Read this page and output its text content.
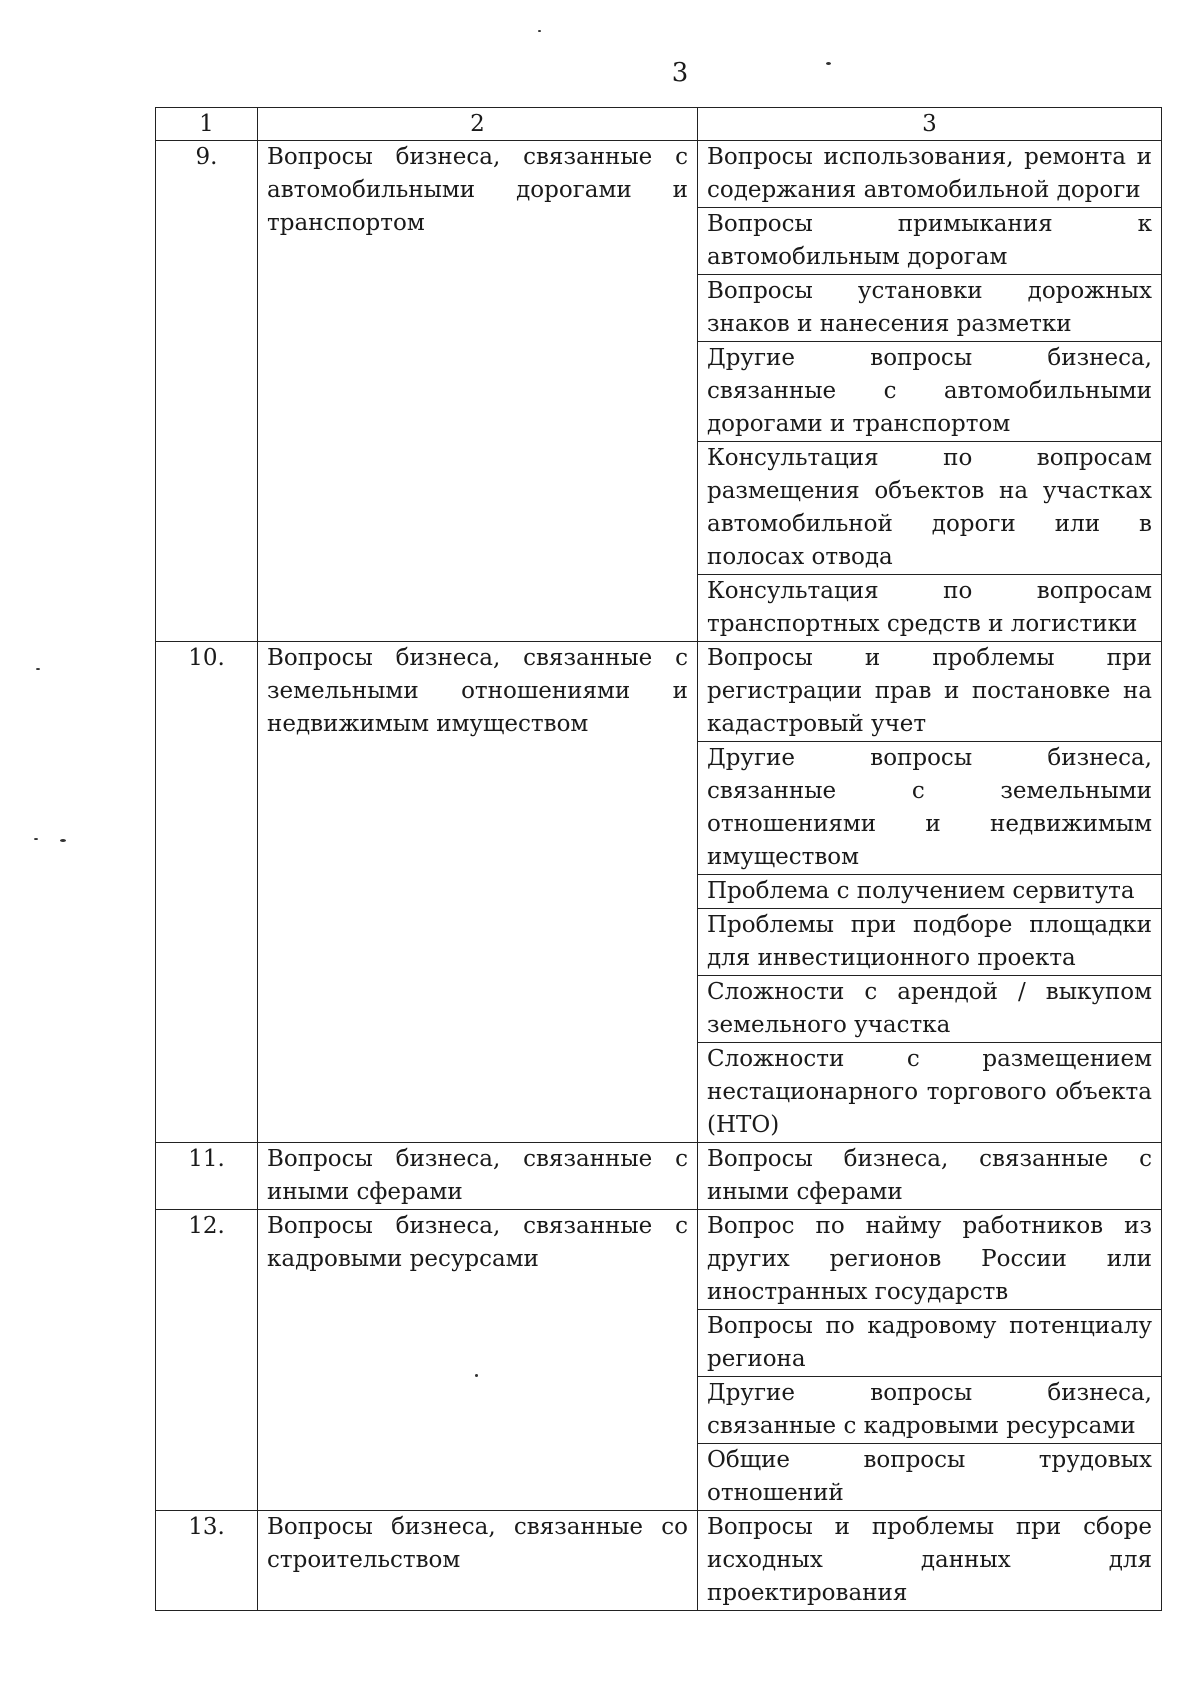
3
1	2	3
9.	Вопросы бизнеса, связанные с автомобильными дорогами и транспортом	Вопросы использования, ремонта и содержания автомобильной дороги
		Вопросы примыкания к автомобильным дорогам
		Вопросы установки дорожных знаков и нанесения разметки
		Другие вопросы бизнеса, связанные с автомобильными дорогами и транспортом
		Консультация по вопросам размещения объектов на участках автомобильной дороги или в полосах отвода
		Консультация по вопросам транспортных средств и логистики
10.	Вопросы бизнеса, связанные с земельными отношениями и недвижимым имуществом	Вопросы и проблемы при регистрации прав и постановке на кадастровый учет
		Другие вопросы бизнеса, связанные с земельными отношениями и недвижимым имуществом
		Проблема с получением сервитута
		Проблемы при подборе площадки для инвестиционного проекта
		Сложности с арендой / выкупом земельного участка
		Сложности с размещением нестационарного торгового объекта (НТО)
11.	Вопросы бизнеса, связанные с иными сферами	Вопросы бизнеса, связанные с иными сферами
12.	Вопросы бизнеса, связанные с кадровыми ресурсами	Вопрос по найму работников из других регионов России или иностранных государств
		Вопросы по кадровому потенциалу региона
		Другие вопросы бизнеса, связанные с кадровыми ресурсами
		Общие вопросы трудовых отношений
13.	Вопросы бизнеса, связанные со строительством	Вопросы и проблемы при сборе исходных данных для проектирования
